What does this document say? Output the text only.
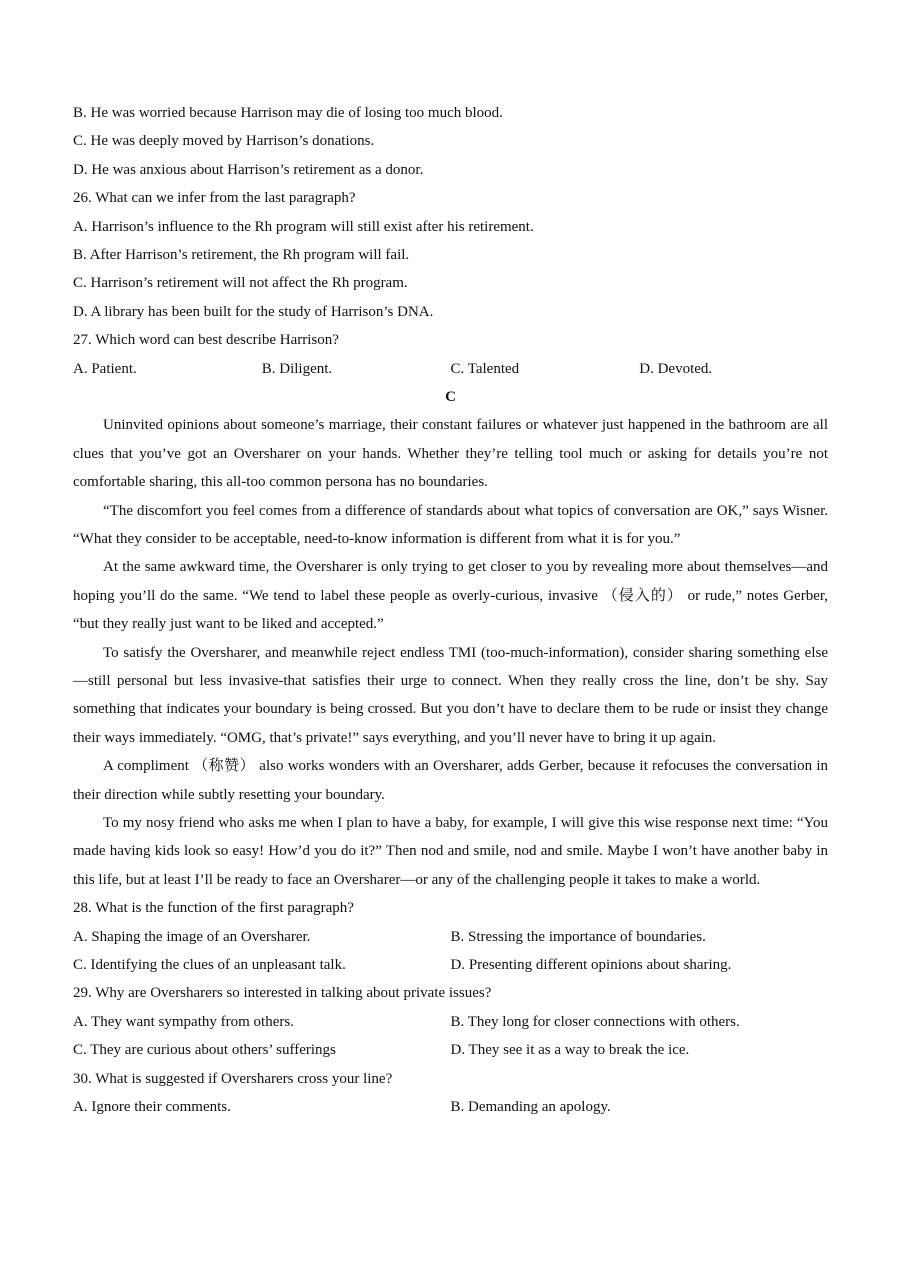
B. He was worried because Harrison may die of losing too much blood.
C. He was deeply moved by Harrison’s donations.
D. He was anxious about Harrison’s retirement as a donor.
26. What can we infer from the last paragraph?
A. Harrison’s influence to the Rh program will still exist after his retirement.
B. After Harrison’s retirement, the Rh program will fail.
C. Harrison’s retirement will not affect the Rh program.
D. A library has been built for the study of Harrison’s DNA.
27. Which word can best describe Harrison?
A. Patient.	B. Diligent.	C. Talented	D. Devoted.
C

Uninvited opinions about someone’s marriage, their constant failures or whatever just happened in the bathroom are all clues that you’ve got an Oversharer on your hands. Whether they’re telling tool much or asking for details you’re not comfortable sharing, this all-too common persona has no boundaries.

“The discomfort you feel comes from a difference of standards about what topics of conversation are OK,” says Wisner. “What they consider to be acceptable, need-to-know information is different from what it is for you.”

At the same awkward time, the Oversharer is only trying to get closer to you by revealing more about themselves—and hoping you’ll do the same. “We tend to label these people as overly-curious, invasive （侵入的） or rude,” notes Gerber, “but they really just want to be liked and accepted.”

To satisfy the Oversharer, and meanwhile reject endless TMI (too-much-information), consider sharing something else—still personal but less invasive-that satisfies their urge to connect. When they really cross the line, don’t be shy. Say something that indicates your boundary is being crossed. But you don’t have to declare them to be rude or insist they change their ways immediately. “OMG, that’s private!” says everything, and you’ll never have to bring it up again.

A compliment （称赞） also works wonders with an Oversharer, adds Gerber, because it refocuses the conversation in their direction while subtly resetting your boundary.

To my nosy friend who asks me when I plan to have a baby, for example, I will give this wise response next time: “You made having kids look so easy! How’d you do it?” Then nod and smile, nod and smile. Maybe I won’t have another baby in this life, but at least I’ll be ready to face an Oversharer—or any of the challenging people it takes to make a world.

28. What is the function of the first paragraph?
A. Shaping the image of an Oversharer.	B. Stressing the importance of boundaries.
C. Identifying the clues of an unpleasant talk.	D. Presenting different opinions about sharing.
29. Why are Oversharers so interested in talking about private issues?
A. They want sympathy from others.	B. They long for closer connections with others.
C. They are curious about others’ sufferings	D. They see it as a way to break the ice.
30. What is suggested if Oversharers cross your line?
A. Ignore their comments.	B. Demanding an apology.
